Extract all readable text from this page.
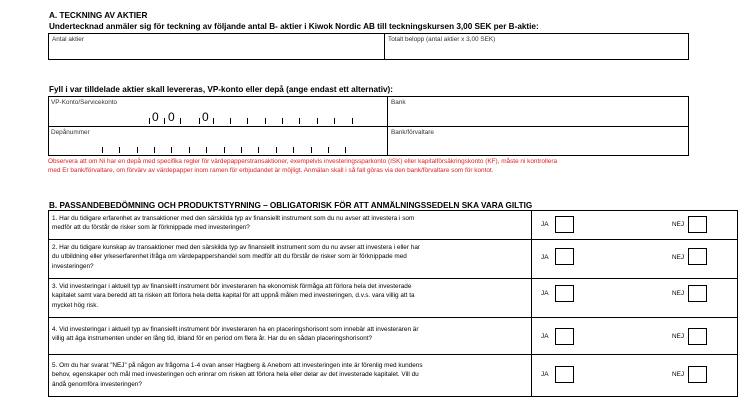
A. TECKNING AV AKTIER
Undertecknad anmäler sig för teckning av följande antal B- aktier i Kiwok Nordic AB till teckningskursen 3,00 SEK per B-aktie:
Antal aktier	Totalt belopp (antal aktier x 3,00 SEK)
Fyll i var tilldelade aktier skall levereras, VP-konto eller depå (ange endast ett alternativ):
VP-Konto/Servicekonto
0 0 0
Bank
Depånummer	Bank/förvaltare
Observera att om Ni har en depå med specifika regler för värdepapperstransaktioner, exempelvis investeringssparkonto (ISK) eller kapitalförsäkringskonto (KF), måste ni kontrollera
med Er bank/förvaltare, om förvärv av värdepapper inom ramen för erbjudandet är möjligt. Anmälan skall i så fall göras via den bank/förvaltare som för kontot.
B. PASSANDEBEDÖMNING OCH PRODUKTSTYRNING – OBLIGATORISK FÖR ATT ANMÄLNINGSSEDELN SKA VARA GILTIG
1. Har du tidigare erfarenhet av transaktioner med den särskilda typ av finansiellt instrument som du nu avser att investera i som
medför att du förstår de risker som är förknippade med investeringen?	JA	NEJ
2. Har du tidigare kunskap av transaktioner med den särskilda typ av finansiellt instrument som du nu avser att investera i eller har
du utbildning eller yrkeserfarenhet ifråga om värdepappershandel som medför att du förstår de risker som är förknippade med
investeringen?
JA	NEJ
3. Vid investeringar i aktuell typ av finansiellt instrument bör investeraren ha ekonomisk förmåga att förlora hela det investerade
kapitalet samt vara beredd att ta risken att förlora hela detta kapital för att uppnå målen med investeringen, d.v.s. vara villig att ta
mycket hög risk.
JA	NEJ
4. Vid investeringar i aktuell typ av finansiellt instrument bör investeraren ha en placeringshorisont som innebär att investeraren är
villig att äga instrumenten under en lång tid, ibland för en period om flera år. Har du en sådan placeringshorisont?	JA	NEJ
5. Om du har svarat ”NEJ” på någon av frågorna 1-4 ovan anser Hagberg & Aneborn att investeringen inte är förenlig med kundens
behov, egenskaper och mål med investeringen och erinrar om risken att förlora hela eller delar av det investerade kapitalet. Vill du
ändå genomföra investeringen?
JA	NEJ
